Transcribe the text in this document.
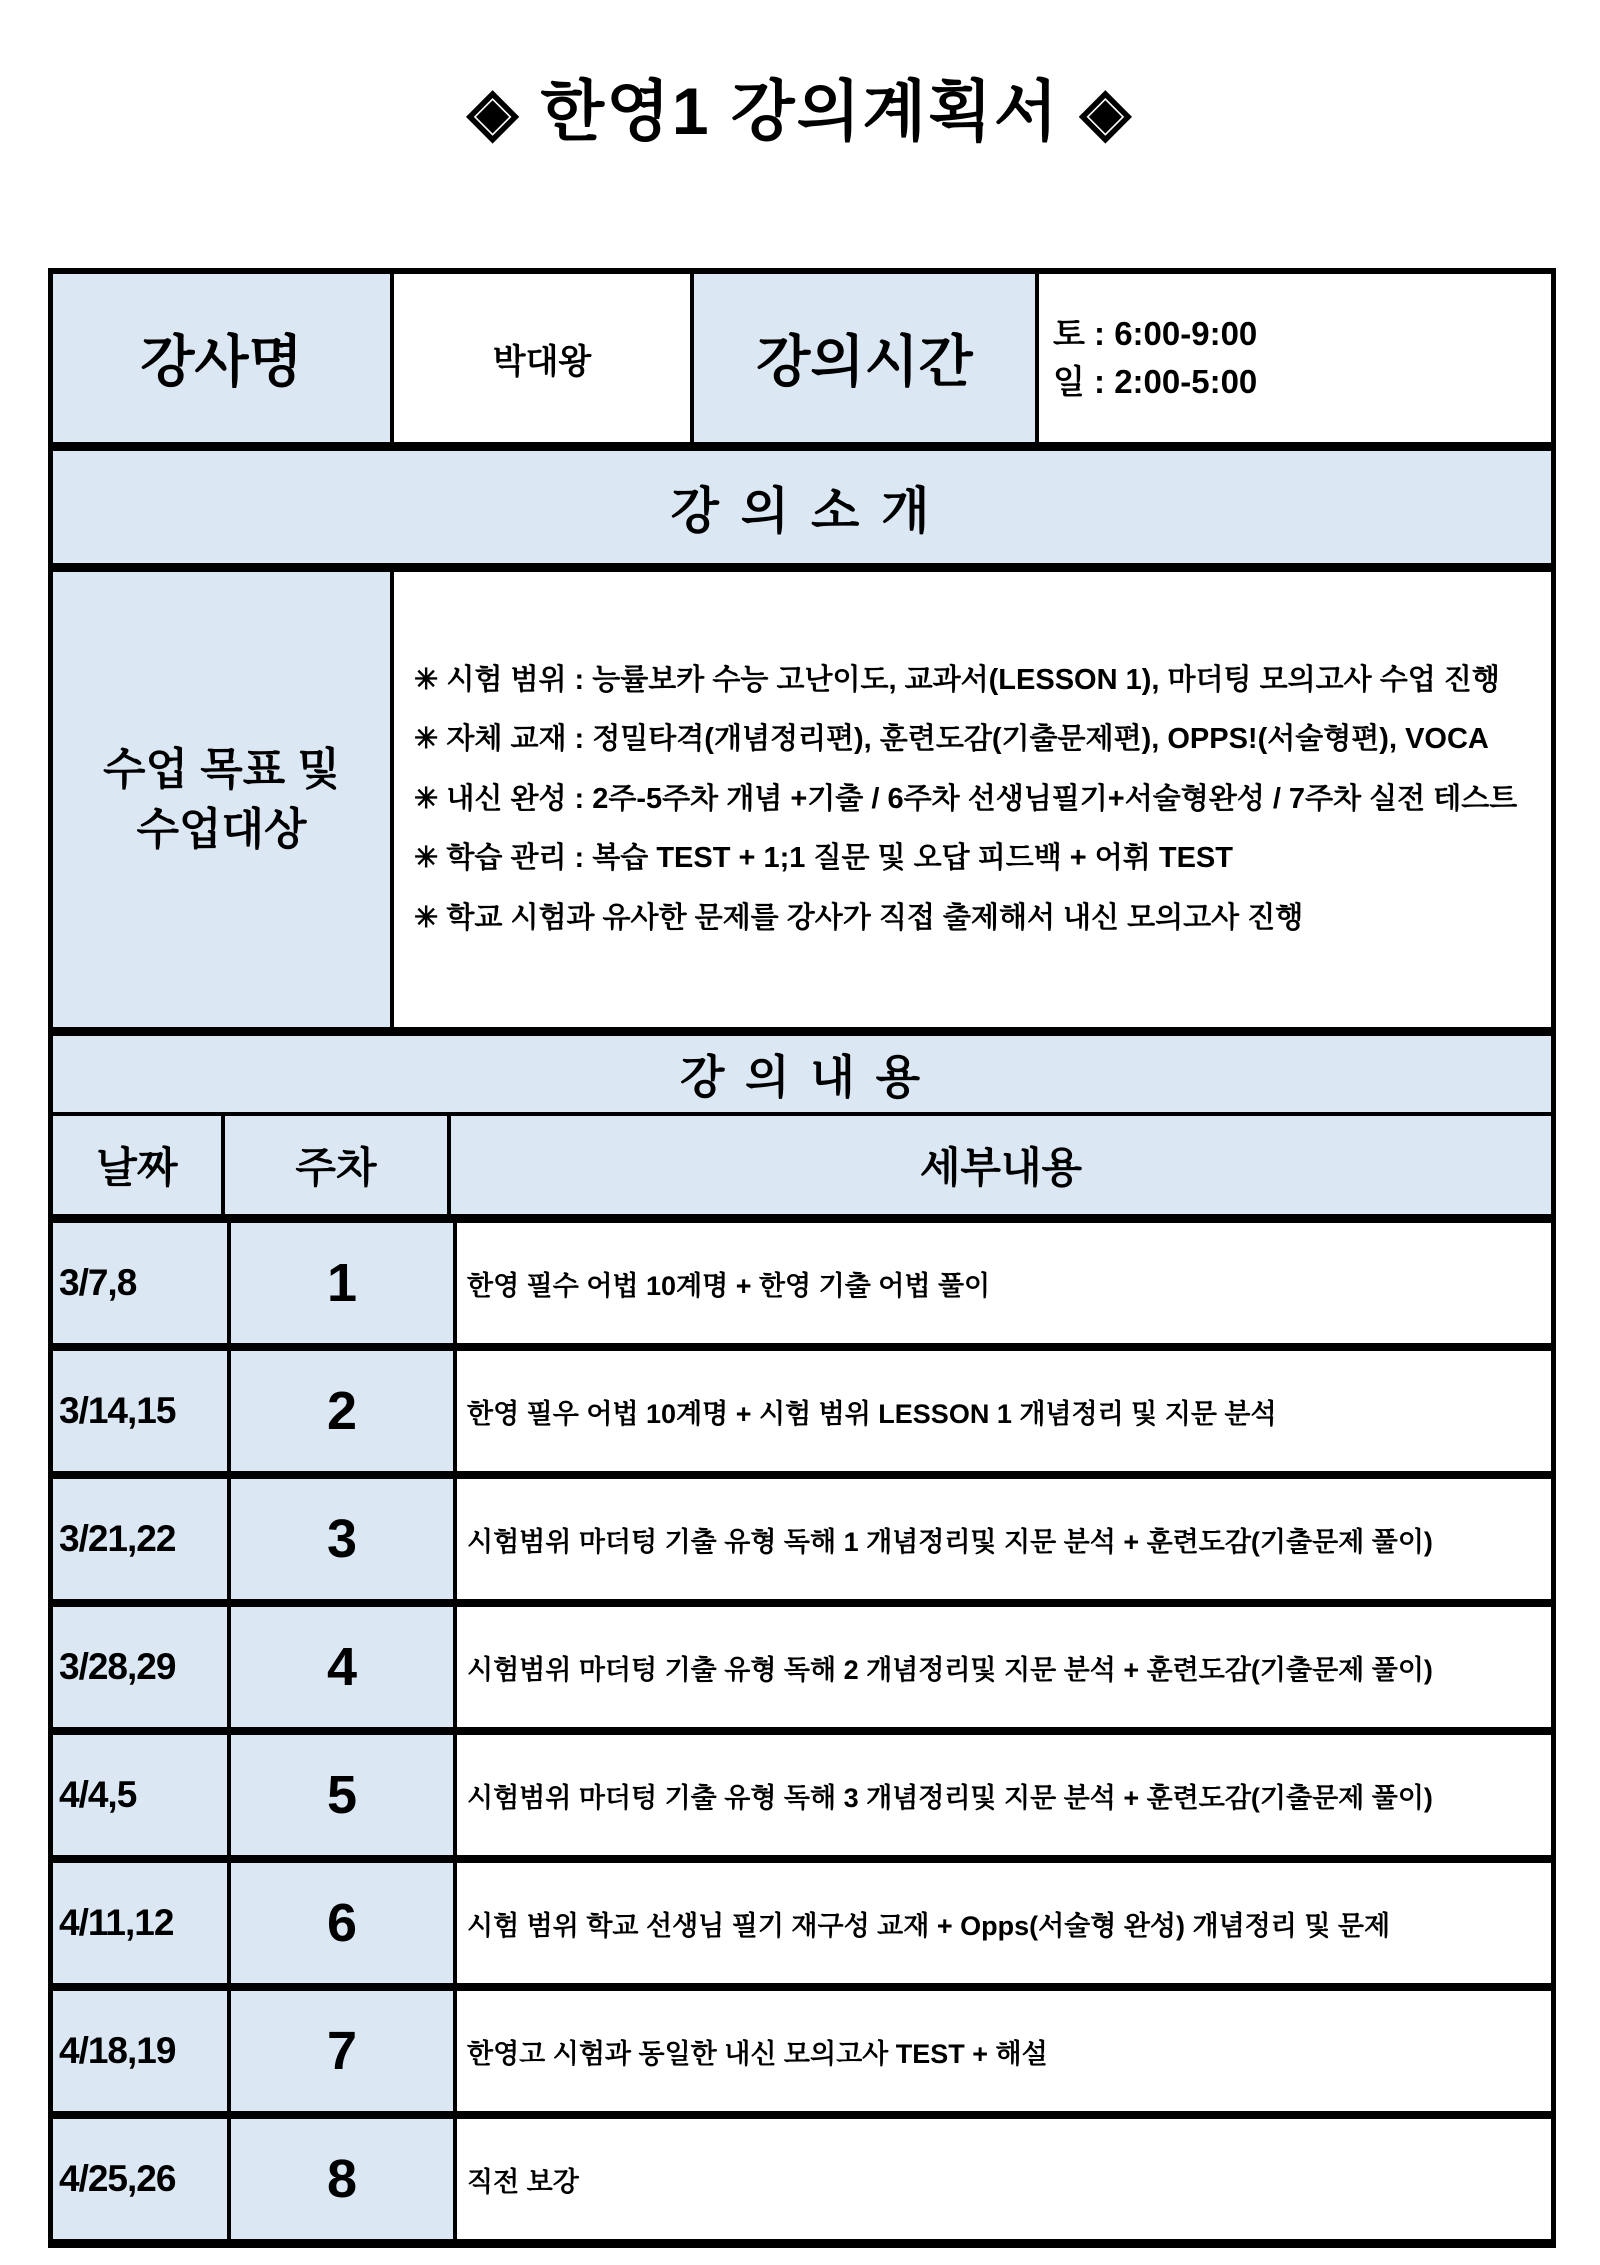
◈ 한영1 강의계획서 ◈
강사명	박대왕	강의시간	토 : 6:00-9:00
일 : 2:00-5:00
강 의 소 개
수업 목표 및
수업대상
✳ 시험 범위 : 능률보카 수능 고난이도, 교과서(LESSON 1), 마더팅 모의고사 수업 진행
✳ 자체 교재 : 정밀타격(개념정리편), 훈련도감(기출문제편), OPPS!(서술형편), VOCA
✳ 내신 완성 : 2주-5주차 개념 +기출 / 6주차 선생님필기+서술형완성 / 7주차 실전 테스트
✳ 학습 관리 : 복습 TEST + 1;1 질문 및 오답 피드백 + 어휘 TEST
✳ 학교 시험과 유사한 문제를 강사가 직접 출제해서 내신 모의고사 진행
강 의 내 용
날짜	주차	세부내용
3/7,8	1	한영 필수 어법 10계명 + 한영 기출 어법 풀이
3/14,15	2	한영 필우 어법 10계명 + 시험 범위 LESSON 1 개념정리 및 지문 분석
3/21,22	3	시험범위 마더텅 기출 유형 독해 1 개념정리및 지문 분석 + 훈련도감(기출문제 풀이)
3/28,29	4	시험범위 마더텅 기출 유형 독해 2 개념정리및 지문 분석 + 훈련도감(기출문제 풀이)
4/4,5	5	시험범위 마더텅 기출 유형 독해 3 개념정리및 지문 분석 + 훈련도감(기출문제 풀이)
4/11,12	6	시험 범위 학교 선생님 필기 재구성 교재 + Opps(서술형 완성) 개념정리 및 문제
4/18,19	7	한영고 시험과 동일한 내신 모의고사 TEST + 해설
4/25,26	8	직전 보강
